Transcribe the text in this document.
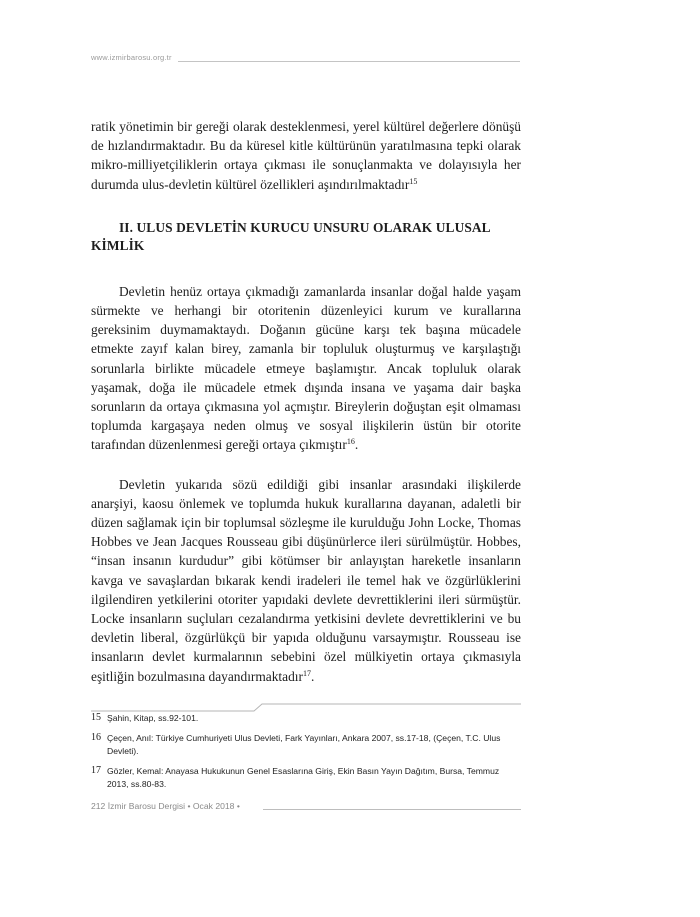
www.izmirbarosu.org.tr

ratik yönetimin bir gereği olarak desteklenmesi, yerel kültürel değerlere dönüşü de hızlandırmaktadır. Bu da küresel kitle kültürünün yaratılmasına tepki olarak mikro-milliyetçiliklerin ortaya çıkması ile sonuçlanmakta ve dolayısıyla her durumda ulus-devletin kültürel özellikleri aşındırılmaktadır$^{15}$

II. ULUS DEVLETİN KURUCU UNSURU OLARAK ULUSAL KİMLİK

Devletin henüz ortaya çıkmadığı zamanlarda insanlar doğal halde yaşam sürmekte ve herhangi bir otoritenin düzenleyici kurum ve kurallarına gereksinim duymamaktaydı. Doğanın gücüne karşı tek başına mücadele etmekte zayıf kalan birey, zamanla bir topluluk oluşturmuş ve karşılaştığı sorunlarla birlikte mücadele etmeye başlamıştır. Ancak topluluk olarak yaşamak, doğa ile mücadele etmek dışında insana ve yaşama dair başka sorunların da ortaya çıkmasına yol açmıştır. Bireylerin doğuştan eşit olmaması toplumda kargaşaya neden olmuş ve sosyal ilişkilerin üstün bir otorite tarafından düzenlenmesi gereği ortaya çıkmıştır$^{16}$.

Devletin yukarıda sözü edildiği gibi insanlar arasındaki ilişkilerde anarşiyi, kaosu önlemek ve toplumda hukuk kurallarına dayanan, adaletli bir düzen sağlamak için bir toplumsal sözleşme ile kurulduğu John Locke, Thomas Hobbes ve Jean Jacques Rousseau gibi düşünürlerce ileri sürülmüştür. Hobbes, “insan insanın kurdudur” gibi kötümser bir anlayıştan hareketle insanların kavga ve savaşlardan bıkarak kendi iradeleri ile temel hak ve özgürlüklerini ilgilendiren yetkilerini otoriter yapıdaki devlete devrettiklerini ileri sürmüştür. Locke insanların suçluları cezalandırma yetkisini devlete devrettiklerini ve bu devletin liberal, özgürlükçü bir yapıda olduğunu varsaymıştır. Rousseau ise insanların devlet kurmalarının sebebini özel mülkiyetin ortaya çıkmasıyla eşitliğin bozulmasına dayandırmaktadır$^{17}$.

15 Şahin, Kitap, ss.92-101.
16 Çeçen, Anıl: Türkiye Cumhuriyeti Ulus Devleti, Fark Yayınları, Ankara 2007, ss.17-18, (Çeçen, T.C. Ulus Devleti).
17 Gözler, Kemal: Anayasa Hukukunun Genel Esaslarına Giriş, Ekin Basın Yayın Dağıtım, Bursa, Temmuz 2013, ss.80-83.
212 İzmir Barosu Dergisi • Ocak 2018 •
